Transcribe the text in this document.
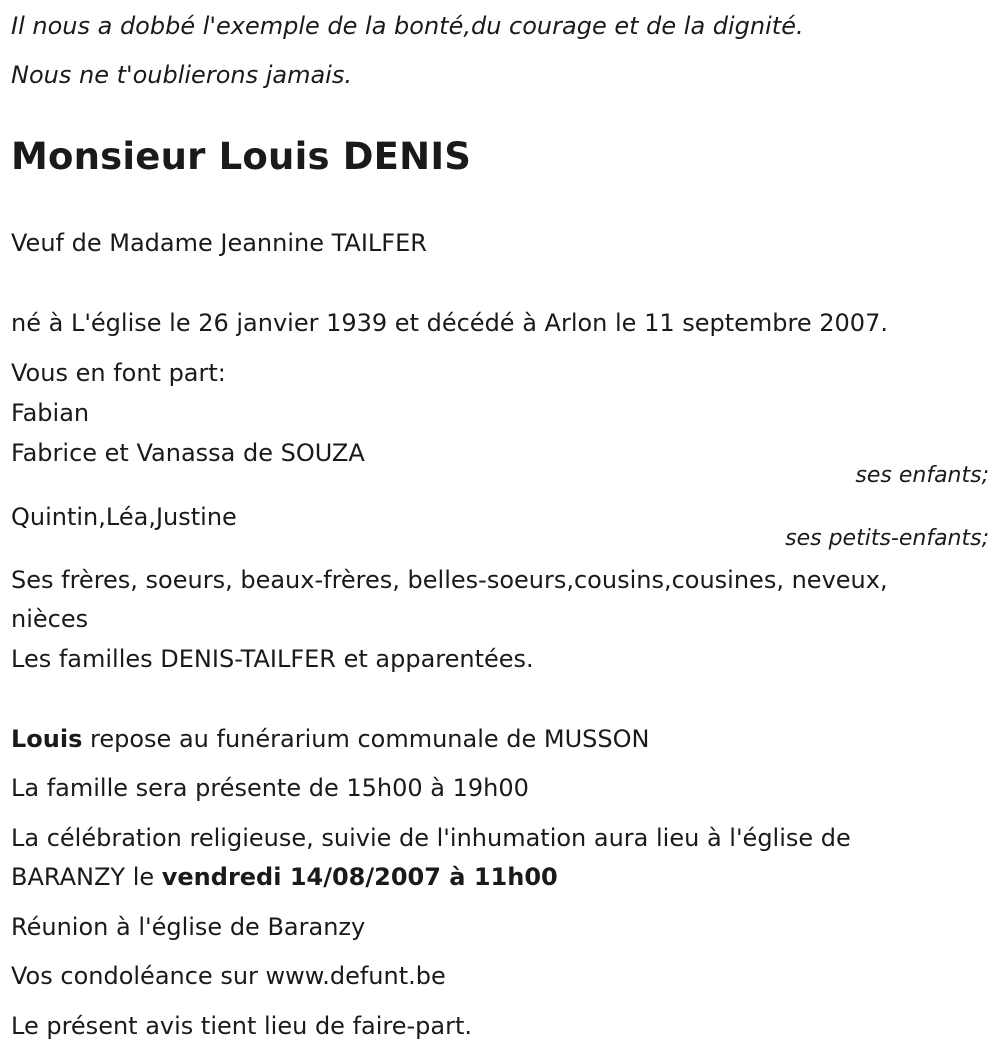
Il nous a dobbé l'exemple de la bonté,du courage et de la dignité.
Nous ne t'oublierons jamais.
Monsieur Louis DENIS
Veuf de Madame Jeannine TAILFER
né à L'église le 26 janvier 1939 et décédé à Arlon le 11 septembre 2007.
Vous en font part:
Fabian
Fabrice et Vanassa de SOUZA
ses enfants;
Quintin,Léa,Justine
ses petits-enfants;
Ses frères, soeurs, beaux-frères, belles-soeurs,cousins,cousines, neveux,
nièces
Les familles DENIS-TAILFER et apparentées.
Louis repose au funérarium communale de MUSSON
La famille sera présente de 15h00 à 19h00
La célébration religieuse, suivie de l'inhumation aura lieu à l'église de
BARANZY le vendredi 14/08/2007 à 11h00
Réunion à l'église de Baranzy
Vos condoléance sur www.defunt.be
Le présent avis tient lieu de faire-part.
